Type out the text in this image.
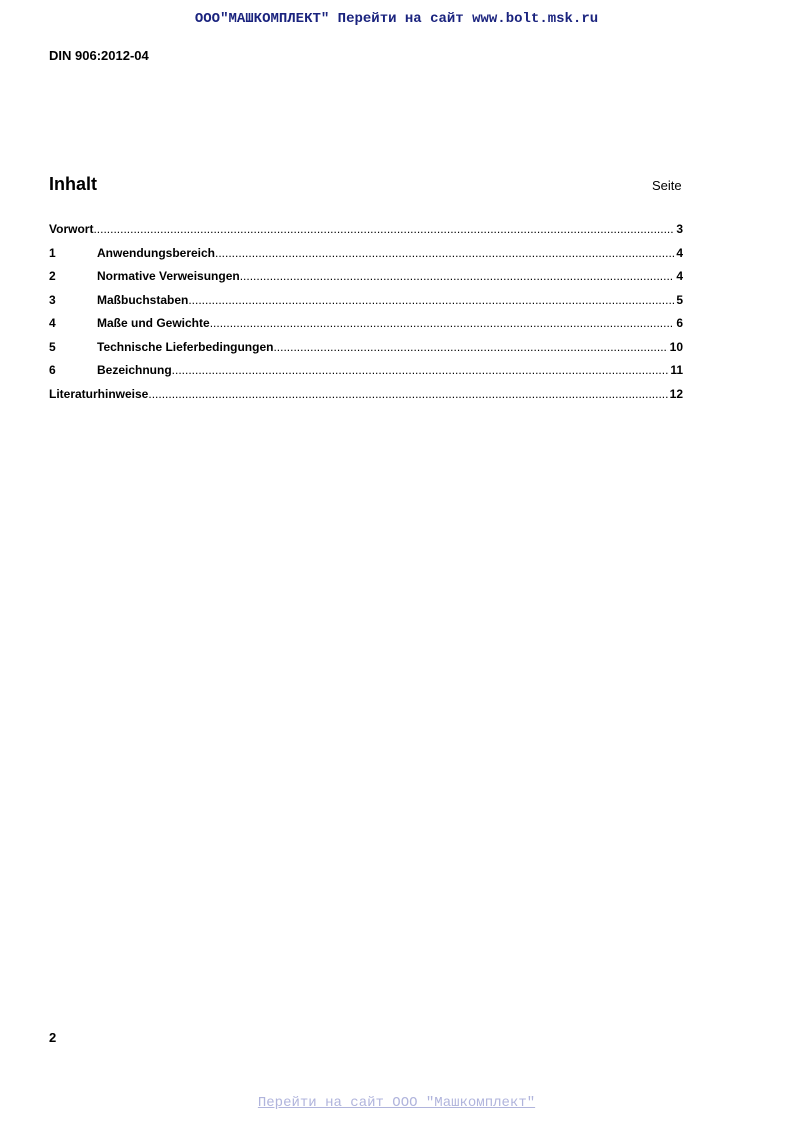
ООО"МАШКОМПЛЕКТ" Перейти на сайт www.bolt.msk.ru
DIN 906:2012-04
Inhalt	Seite
Vorwort .....	3
1	Anwendungsbereich .....	4
2	Normative Verweisungen .....	4
3	Maßbuchstaben .....	5
4	Maße und Gewichte .....	6
5	Technische Lieferbedingungen .....	10
6	Bezeichnung .....	11
Literaturhinweise .....	12
2
Перейти на сайт ООО "Машкомплект"
